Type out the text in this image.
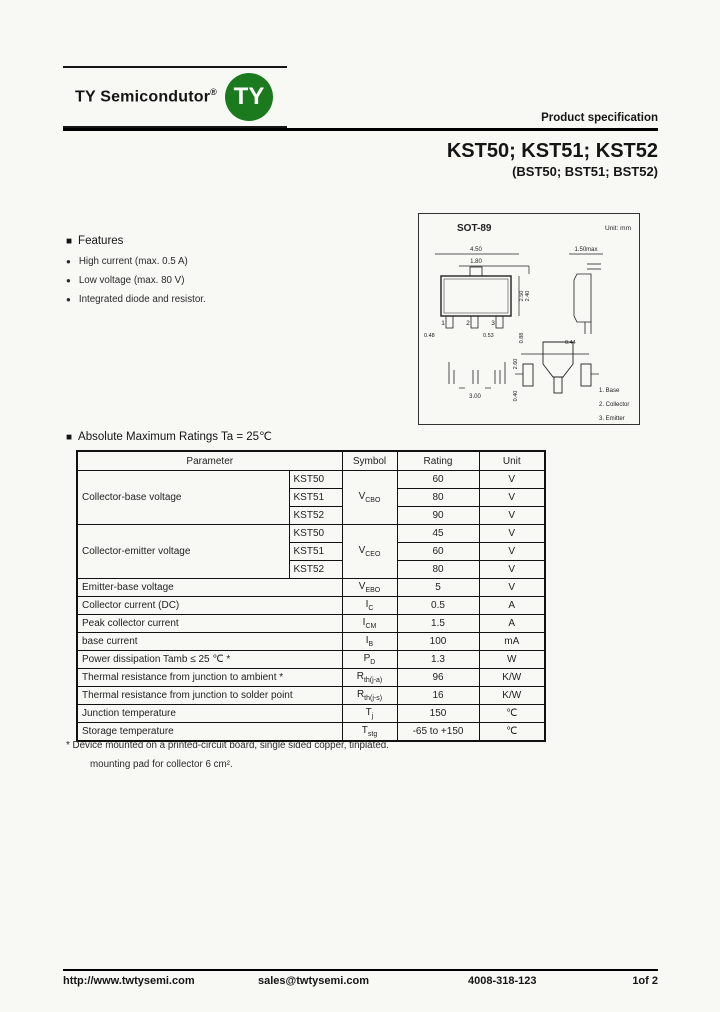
TY Semicondutor® TY
Product specification
KST50; KST51; KST52
(BST50; BST51; BST52)
■ Features
● High current (max. 0.5 A)
● Low voltage (max. 80 V)
● Integrated diode and resistor.
SOT-89	Unit: mm
4.50
1.80
1	2	3
2.50 2.40
0.48	0.53	0.88
1.50max
0.44
3.00
2.60
0.40	1. Base
2. Collector
3. Emitter
■ Absolute Maximum Ratings Ta = 25℃
Parameter		Symbol	Rating	Unit
Collector-base voltage	KST50	$V_{CBO}$	60	V
	KST51		80	V
	KST52		90	V
Collector-emitter voltage	KST50	$V_{CEO}$	45	V
	KST51		60	V
	KST52		80	V
Emitter-base voltage		$V_{EBO}$	5	V
Collector current (DC)		$I_C$	0.5	A
Peak collector current		$I_{CM}$	1.5	A
base current		$I_B$	100	mA
Power dissipation Tamb ≤ 25 ℃ *		$P_D$	1.3	W
Thermal resistance from junction to ambient *		$R_{th(j-a)}$	96	K/W
Thermal resistance from junction to solder point		$R_{th(j-s)}$	16	K/W
Junction temperature		$T_j$	150	℃
Storage temperature		$T_{stg}$	-65 to +150	℃
* Device mounted on a printed-circuit board, single sided copper, tinplated.
mounting pad for collector 6 cm².
http://www.twtysemi.com	sales@twtysemi.com	4008-318-123	1of 2
